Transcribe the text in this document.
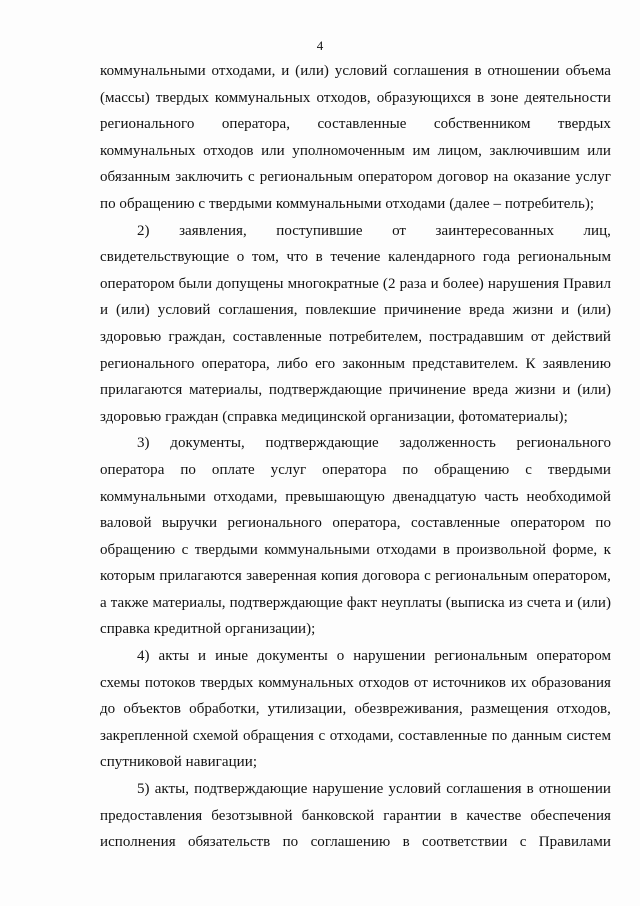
4
коммунальными отходами, и (или) условий соглашения в отношении объема
(массы) твердых коммунальных отходов, образующихся в зоне деятельности
регионального оператора, составленные собственником твердых
коммунальных отходов или уполномоченным им лицом, заключившим или
обязанным заключить с региональным оператором договор на оказание услуг
по обращению с твердыми коммунальными отходами (далее – потребитель);
2) заявления, поступившие от заинтересованных лиц,
свидетельствующие о том, что в течение календарного года региональным
оператором были допущены многократные (2 раза и более) нарушения Правил
и (или) условий соглашения, повлекшие причинение вреда жизни и (или)
здоровью граждан, составленные потребителем, пострадавшим от действий
регионального оператора, либо его законным представителем. К заявлению
прилагаются материалы, подтверждающие причинение вреда жизни и (или)
здоровью граждан (справка медицинской организации, фотоматериалы);
3) документы, подтверждающие задолженность регионального
оператора по оплате услуг оператора по обращению с твердыми
коммунальными отходами, превышающую двенадцатую часть необходимой
валовой выручки регионального оператора, составленные оператором по
обращению с твердыми коммунальными отходами в произвольной форме, к
которым прилагаются заверенная копия договора с региональным оператором,
а также материалы, подтверждающие факт неуплаты (выписка из счета и (или)
справка кредитной организации);
4) акты и иные документы о нарушении региональным оператором
схемы потоков твердых коммунальных отходов от источников их образования
до объектов обработки, утилизации, обезвреживания, размещения отходов,
закрепленной схемой обращения с отходами, составленные по данным систем
спутниковой навигации;
5) акты, подтверждающие нарушение условий соглашения в отношении
предоставления безотзывной банковской гарантии в качестве обеспечения
исполнения обязательств по соглашению в соответствии с Правилами
